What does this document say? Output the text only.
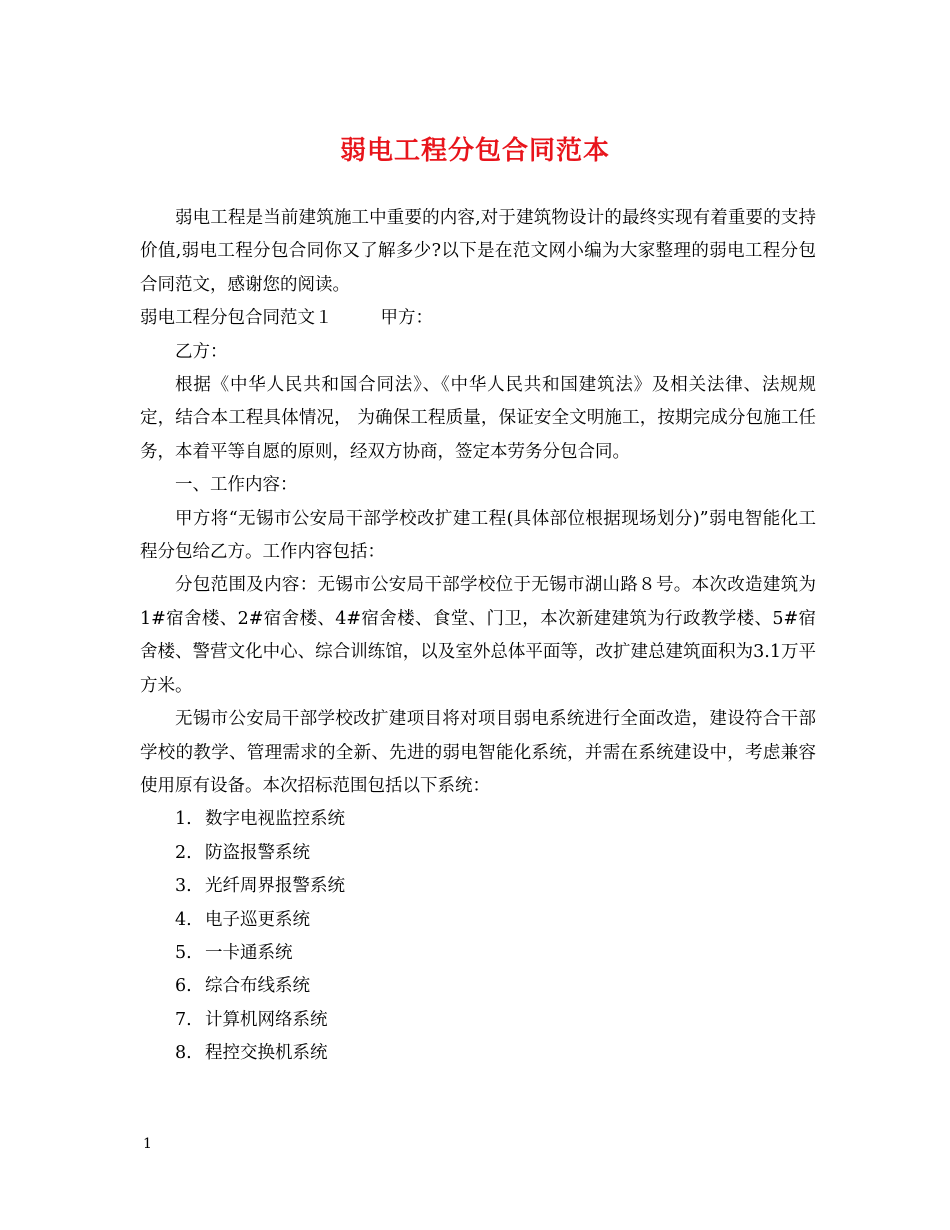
弱电工程分包合同范本

弱电工程是当前建筑施工中重要的内容,对于建筑物设计的最终实现有着重要的支持价值,弱电工程分包合同你又了解多少?以下是在范文网小编为大家整理的弱电工程分包合同范文，感谢您的阅读。

弱电工程分包合同范文１	甲方：

乙方：

根据《中华人民共和国合同法》、《中华人民共和国建筑法》及相关法律、法规规定，结合本工程具体情况， 为确保工程质量，保证安全文明施工，按期完成分包施工任务，本着平等自愿的原则，经双方协商，签定本劳务分包合同。

一、工作内容：

甲方将“无锡市公安局干部学校改扩建工程(具体部位根据现场划分)”弱电智能化工程分包给乙方。工作内容包括：

分包范围及内容：无锡市公安局干部学校位于无锡市湖山路８号。本次改造建筑为1#宿舍楼、2#宿舍楼、4#宿舍楼、食堂、门卫，本次新建建筑为行政教学楼、5#宿舍楼、警营文化中心、综合训练馆，以及室外总体平面等，改扩建总建筑面积为3.1万平方米。

无锡市公安局干部学校改扩建项目将对项目弱电系统进行全面改造，建设符合干部学校的教学、管理需求的全新、先进的弱电智能化系统，并需在系统建设中，考虑兼容使用原有设备。本次招标范围包括以下系统：

1. 数字电视监控系统
2. 防盗报警系统
3. 光纤周界报警系统
4. 电子巡更系统
5. 一卡通系统
6. 综合布线系统
7. 计算机网络系统
8. 程控交换机系统
1
